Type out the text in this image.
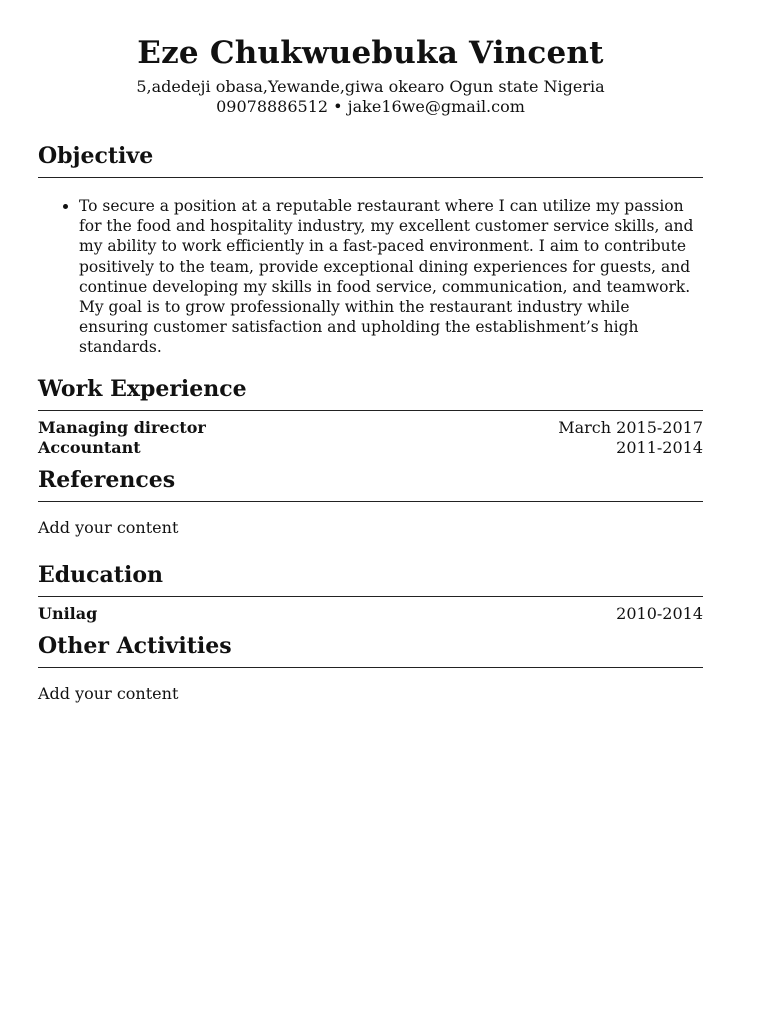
Eze Chukwuebuka Vincent

5,adedeji obasa,Yewande,giwa okearo Ogun state Nigeria

09078886512 • jake16we@gmail.com

Objective
• To secure a position at a reputable restaurant where I can utilize my passion for the food and hospitality industry, my excellent customer service skills, and my ability to work efficiently in a fast-paced environment. I aim to contribute positively to the team, provide exceptional dining experiences for guests, and continue developing my skills in food service, communication, and teamwork. My goal is to grow professionally within the restaurant industry while ensuring customer satisfaction and upholding the establishment’s high standards.
Work Experience
Managing director	March 2015-2017
Accountant	2011-2014
References

Add your content

Education
Unilag	2010-2014
Other Activities

Add your content
